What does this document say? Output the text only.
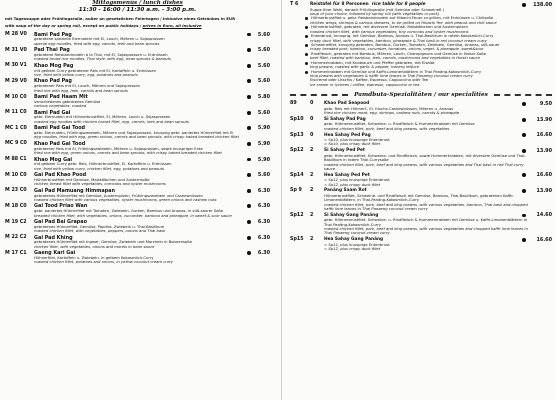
Mittagsmenüs / lunch dishes
11:30 - 16:00 / 11:30 a.m. - 3:00 p.m.
mit Tagessuppe oder Frühlingsrolle, außer an gesetzlichen Feiertagen / inklusive eines Getränkes in EUR
with soup of the day or spring roll, except on public holidays / prices in Euro, all inclusive
M 28 V0	Bami Pad Pag	5.60
gebratene spezielle Eiernudeln mit Ei, Lauch, Möhren u. Sojasprossen
special egg noodles, fried with egg, carrots, leek and bean sprouts
M 31 V0	Pad Thai Pag	5.60
gebratene Reisbandnudeln à la Thai, mit Ei, Sojasprossen u. Erdnüssen
roasted broad rice noodles, Thai style, with egg, bean sprouts & peanuts
M 30 V1	Khao Mog Pag	5.60
mit gelbem Curry gebratener Reis mit Ei, Kartoffeln u. Erdnüssen
rice, fried with yellow curry, egg, potatoes and peanuts
M 29 V0	Khao Pad Pag	5.60
gebratener Reis mit Ei, Lauch, Möhren und Sojasprossen
fried rice with egg, leek, carrots and bean sprouts
M 10 C0	Bami Pad Haam Mit	5.80
verschiedenes gebratenes Gemüse
various vegetables, roasted
M 11 C0	Bami Pad Gai	5.60
gebr. Eiernudeln mit Hühnerbrustfilet, Ei, Möhren, Lauch u. Sojasprossen
roasted egg noodles with chicken breast fillet, egg, carrots, leek and bean sprouts
MC 1 C0	Bami Pad Gai Tood	5.90
gebr. Eiernudeln, Frühlingszwiebeln, Möhren und Sojasprossen, knusprig gebr. paniertes Hühnerfilet mit Ei
egg noodles, fried with egg, green onions, carrots and bean sprouts, with crispy baked breaded chicken fillet
MC 9 C0	Khao Pad Gai Tood	5.90
gebratener Reis mit Ei, Frühlingszwiebeln, Möhren u. Sojasprossen, sowie knuspriger Ente
fried rice with egg, green onions, carrots and bean sprouts, with crispy baked breaded chicken fillet
M 88 C1	Khao Mog Gai	5.90
mit gelbem Curry gebr. Reis, Hühnerbrustfilet, Ei, Kartoffeln u. Erdnüssen
rice, fried with yellow curry, chicken fillet, egg, potatoes and peanuts
M 10 C0	Gai Pad Khao Pood	5.60
Hühnerbrustfilet mit Gemüse, Maiskölbchen und Austernsoße
chicken breast fillet with vegetables, corncobs and oyster mushrooms
M 23 C0	Gai Pad Mamuang Himmapan	6.30
gebratenes Hühnerfilet mit Gemüse, Austernpilzen, Frühlingszwiebeln und Cashewnüssen
roasted chicken fillet with various vegetables, oyster mushrooms, green onions and cashew nuts
M 18 C0	Gai Tood Priao Wan	6.30
gebr. paniertes Hühnerfilet mit Tomaten, Zwiebeln, Gurken, Bambus und Ananas, in süß-saurer Soße
breaded chicken fillet, with vegetables, onions, cucumber, bamboo and pineapple, in sweet & sour sauce
M 19 C2	Gai Pad Bai Grapao	6.30
gebratenes Hühnerfilet, Gemüse, Paprika, Zwiebeln u. Thai-Basilikum
roasted chicken fillet, with vegetables, peppers, onions and Thai basil
M 22 C2	Gai Pad Khing	6.30
gebratenes Hühnerfilet mit Ingwer, Gemüse, Zwiebeln und Morcheln in Bohnensoße
chicken fillet, with vegetables, onions and morels in bean sauce
M 17 C1	Gaeng Kari Gai	6.30
Hühnerfilet, Kartoffeln u. Zwiebeln, in gelbem Kokosmilch-Curry
roasted chicken fillet, potatoes and onions, in yellow coconut cream curry
T 6	Reistafel für 8 Personen rice table for 8 people	138.00
Suppe Ihrer Wahl, danach Frühlingsrolle (mit Gemüse oder Schweinefl.)
soup of your choice, followed by spring roll (with vegetables or pork)
Hühnerbrustfilet u. gebr. Reisbandnudeln auf Hibachi Feuer zu grillen, mit Erdnüssen u. Chilisoße
chicken wings, shrimps & various skewers, to be grilled on Hibachi fire, with peanut and chili sauce
Hühnerbrustfilet, gebraten, mit diversem Gemüse, Maiskölbchen und Austernpilzen
roasted chicken fillet, with various vegetables, tiny corncobs and oyster mushrooms
Entenbrust, knusprig, mit Gemüse, Bambus, Ananas u. Thai-Basilikum in rotem Kokosmilch-Curry
crispy duck fillet, with vegetables, bamboo, pineapple & Thai basil in red coconut cream curry
Schweinefilet, knusprig gebraten, Bambus, Gurken, Tomaten, Zwiebeln, Gemüse, Ananas, süß-sauer
crispy breaded pork, bamboo, cucumber, tomatoes, onions, veget. & pineapple, sweet&sour
Rindfleisch, gebraten mit Bambus, Möhren, Lauch, Champignons und Gemüse in Hoisin-Soße
beef fillet, roasted with bamboo, leek, carrots, mushrooms and vegetables in Hoisin sauce
Hummerkrabben, mit Knoblauch und Pfeffer gebraten, mit Eisalat
king prawns, roasted with garlic & pepper, iceberg lettuce
Hummerkrabben mit Gemüse und Kaffir-Limonenblättern in Thai Panäng-Kokosmilch-Curry
king prawns with vegetables & kaffir lime leaves in Thai Panaeng coconut cream curry
Eiscreme oder Litschis / Kaffee, Espresso, Cappuccino oder Tee
ice cream or lychees / coffee, espresso, cappuccino or tea
Pamdbuta-Spezialitäten / our specialities
89	0	Khao Pad Seapood	9.50
gebr. Reis mit Hühnerf., Ei, frische Cashewnüssen, Möhren u. Ananas
fried rice chicken meat, egg, shrimps, cashew nuts, carrots & pineapple
Sp10	0	Si Sahay Pad Pag	13.90
gebr. Hühnerbrustfilet, Schweine- u. Rindfleisch & Hummerkrabben mit Gemüse
roasted chicken fillet, pork, beef and king prawns, with vegetables
Sp13	0	Hea Sahay Ped Pag	16.60
= Sp10, plus knusprige Entenbrust
= Sp10, plus crispy duck fillet
Sp12	2	Si Sahay Ped Pet	13.90
gebr. Hühnerbrustfilet, Schweine- und Rindfleisch, sowie Hummerkrabben, mit diversem Gemüse und Thai-Basilikum in rotem Thai-Currysoße
roasted chicken fillet, pork, beef and king prawns, with various vegetables and Thai basil in red Thai curry sauce
Sp14	2	Hea Sahay Ped Pet	16.60
= Sp12, plus knusprige Entenbrust
= Sp12, plus crispy duck fillet
Sp 9	2	Panäng Saam Rot	13.90
Hühnerbrustfilet, Schweine- und Rindfleisch mit Gemüse, Bambus, Thai-Basilikum, gebratenen Kaffir-Limonenblättern, in Thai-Panäng-Kokosmilch-Curry
roasted chicken fillet, pork, beef and king prawns, with various vegetables, bamboo, Thai basil and chopped kaffir lime leaves in Thai Panaeng coconut cream curry
Sp12	2	Si Sahay Gang Panäng	14.60
gebr. Hühnerbrustfilet, Schweine- u. Rindfleisch & Hummerkrabben mit Gemüse u. Kaffir-Limonenblättern in Thai Panäng-Kokosmilch-Curry
roasted chicken fillet, pork, beef and king prawns, with various vegetables and chopped kaffir lime leaves in Thai Panaeng coconut cream curry
Sp15	2	Hea Sahay Gang Panäng	16.60
= Sp12, plus knusprige Entenbrust
= Sp12, plus crispy duck fillet
